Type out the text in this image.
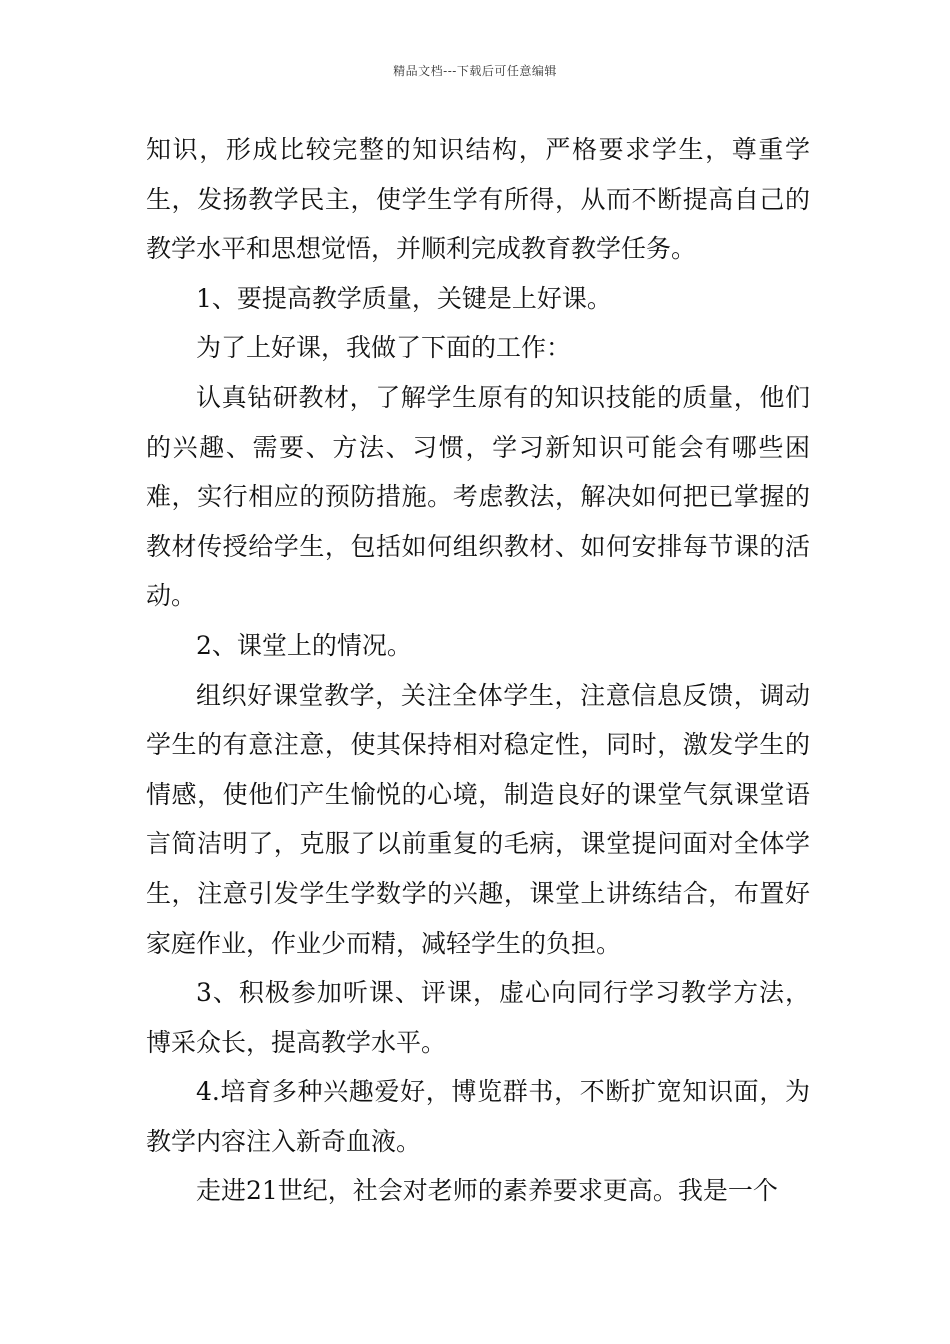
精品文档---下载后可任意编辑

知识，形成比较完整的知识结构，严格要求学生，尊重学生，发扬教学民主，使学生学有所得，从而不断提高自己的教学水平和思想觉悟，并顺利完成教育教学任务。

1、要提高教学质量，关键是上好课。

为了上好课，我做了下面的工作：

认真钻研教材，了解学生原有的知识技能的质量，他们的兴趣、需要、方法、习惯，学习新知识可能会有哪些困难，实行相应的预防措施。考虑教法，解决如何把已掌握的教材传授给学生，包括如何组织教材、如何安排每节课的活动。

2、课堂上的情况。

组织好课堂教学，关注全体学生，注意信息反馈，调动学生的有意注意，使其保持相对稳定性，同时，激发学生的情感，使他们产生愉悦的心境，制造良好的课堂气氛课堂语言简洁明了，克服了以前重复的毛病，课堂提问面对全体学生，注意引发学生学数学的兴趣，课堂上讲练结合，布置好家庭作业，作业少而精，减轻学生的负担。

3、积极参加听课、评课，虚心向同行学习教学方法，博采众长，提高教学水平。

4.培育多种兴趣爱好，博览群书，不断扩宽知识面，为教学内容注入新奇血液。

走进21世纪，社会对老师的素养要求更高。我是一个
